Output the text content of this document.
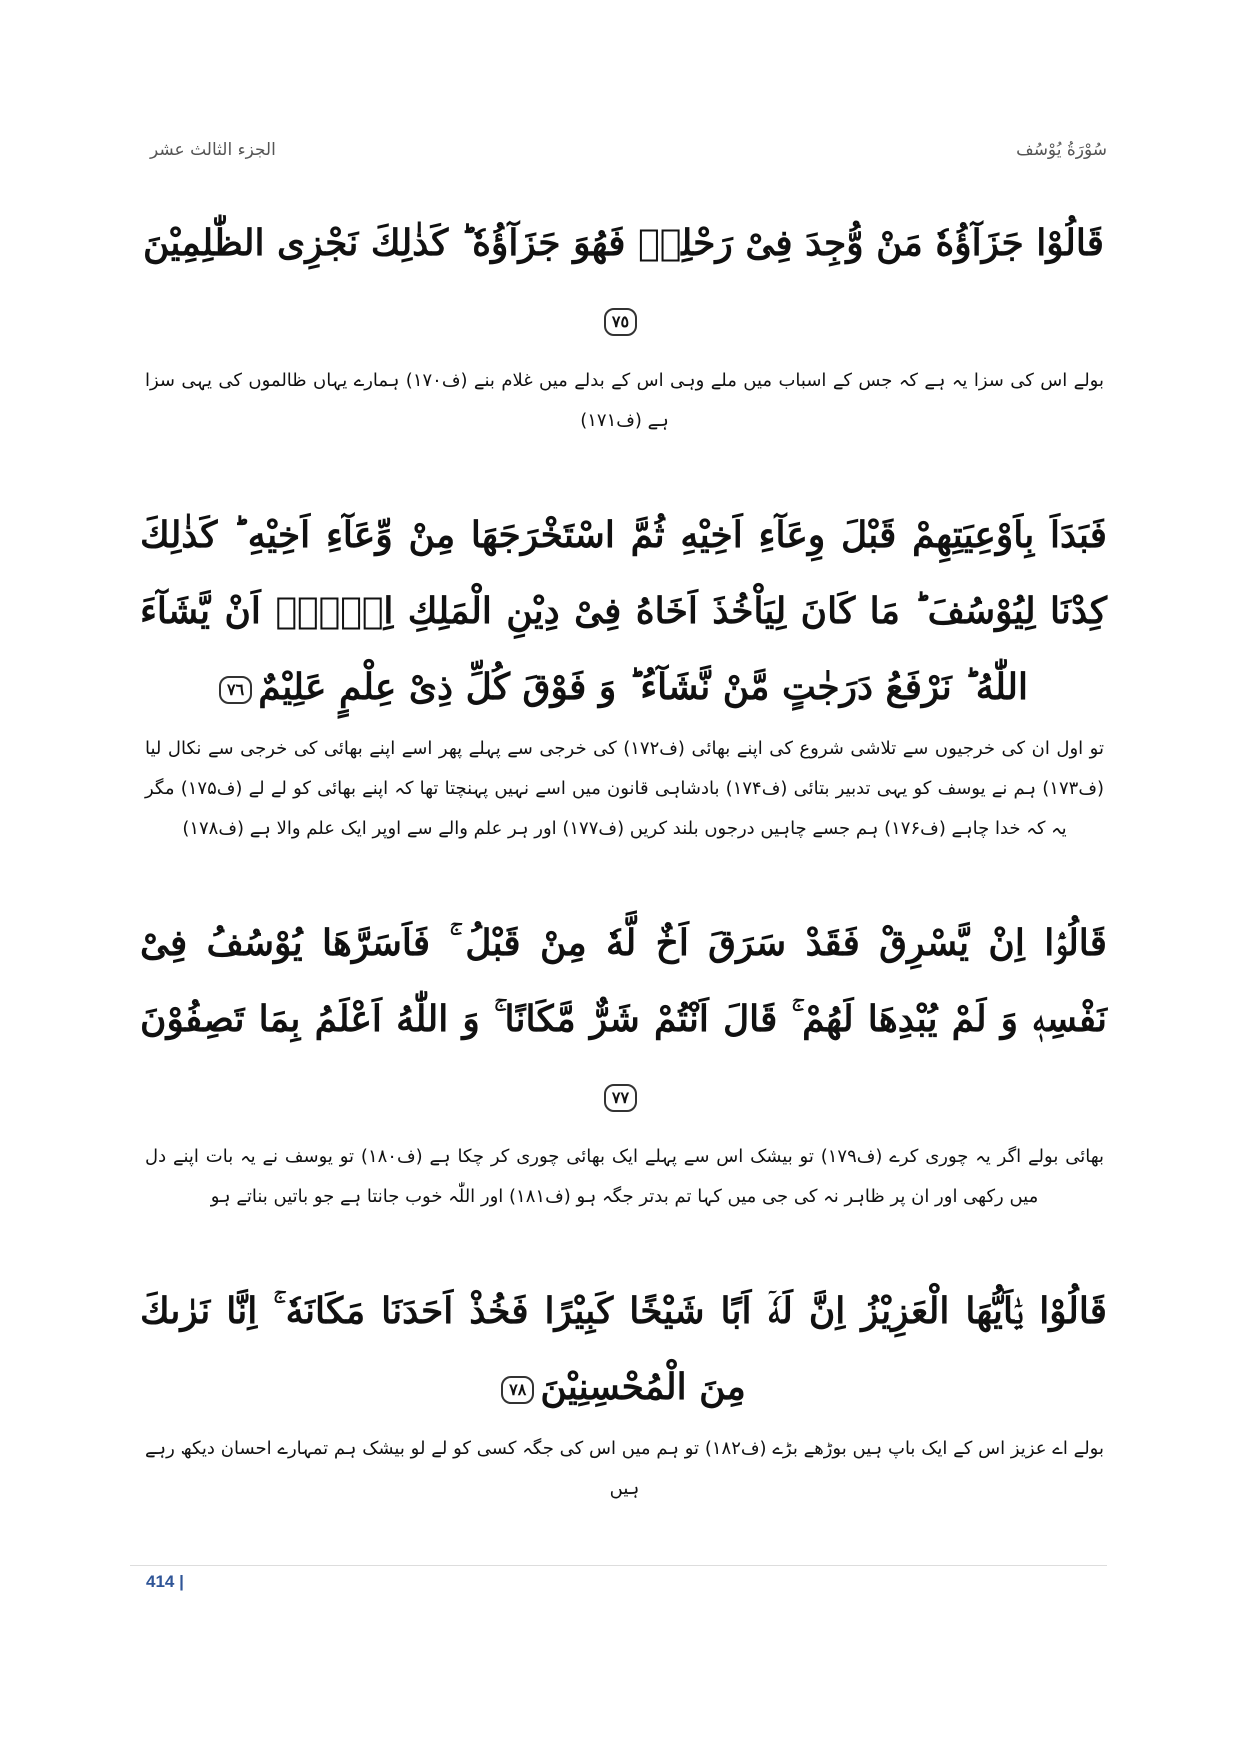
سُوْرَةُ يُوْسُف
الجزء الثالث عشر
قَالُوْا جَزَآؤُهٗ مَنْ وُّجِدَ فِیْ رَحْلِهٖ فَهُوَ جَزَآؤُهٗ ؕ كَذٰلِكَ نَجْزِی الظّٰلِمِیْنَ٧٥
بولے اس کی سزا یہ ہے کہ جس کے اسباب میں ملے وہی اس کے بدلے میں غلام بنے (ف۱۷۰) ہمارے یہاں ظالموں کی یہی سزا ہے (ف۱۷۱)
فَبَدَاَ بِاَوْعِیَتِهِمْ قَبْلَ وِعَآءِ اَخِیْهِ ثُمَّ اسْتَخْرَجَهَا مِنْ وِّعَآءِ اَخِیْهِ ؕ كَذٰلِكَ كِدْنَا لِیُوْسُفَ ؕ مَا كَانَ لِیَاْخُذَ اَخَاهُ فِیْ دِیْنِ الْمَلِكِ اِلَّاۤ اَنْ یَّشَآءَ اللّٰهُ ؕ نَرْفَعُ دَرَجٰتٍ مَّنْ نَّشَآءُ ؕ وَ فَوْقَ كُلِّ ذِیْ عِلْمٍ عَلِیْمٌ٧٦
تو اول ان کی خرجیوں سے تلاشی شروع کی اپنے بھائی (ف۱۷۲) کی خرجی سے پہلے پھر اسے اپنے بھائی کی خرجی سے نکال لیا (ف۱۷۳) ہم نے یوسف کو یہی تدبیر بتائی (ف۱۷۴) بادشاہی قانون میں اسے نہیں پہنچتا تھا کہ اپنے بھائی کو لے لے (ف۱۷۵) مگر یہ کہ خدا چاہے (ف۱۷۶) ہم جسے چاہیں درجوں بلند کریں (ف۱۷۷) اور ہر علم والے سے اوپر ایک علم والا ہے (ف۱۷۸)
قَالُوْۤا اِنْ یَّسْرِقْ فَقَدْ سَرَقَ اَخٌ لَّهٗ مِنْ قَبْلُ ۚ فَاَسَرَّهَا یُوْسُفُ فِیْ نَفْسِهٖ وَ لَمْ یُبْدِهَا لَهُمْ ۚ قَالَ اَنْتُمْ شَرٌّ مَّكَانًا ۚ وَ اللّٰهُ اَعْلَمُ بِمَا تَصِفُوْنَ٧٧
بھائی بولے اگر یہ چوری کرے (ف۱۷۹) تو بیشک اس سے پہلے ایک بھائی چوری کر چکا ہے (ف۱۸۰) تو یوسف نے یہ بات اپنے دل میں رکھی اور ان پر ظاہر نہ کی جی میں کہا تم بدتر جگہ ہو (ف۱۸۱) اور اللّٰہ خوب جانتا ہے جو باتیں بناتے ہو
قَالُوْا یٰۤاَیُّهَا الْعَزِیْزُ اِنَّ لَهٗۤ اَبًا شَیْخًا كَبِیْرًا فَخُذْ اَحَدَنَا مَكَانَهٗ ۚ اِنَّا نَرٰىكَ مِنَ الْمُحْسِنِیْنَ٧٨
بولے اے عزیز اس کے ایک باپ ہیں بوڑھے بڑے (ف۱۸۲) تو ہم میں اس کی جگہ کسی کو لے لو بیشک ہم تمہارے احسان دیکھ رہے ہیں
414 |
